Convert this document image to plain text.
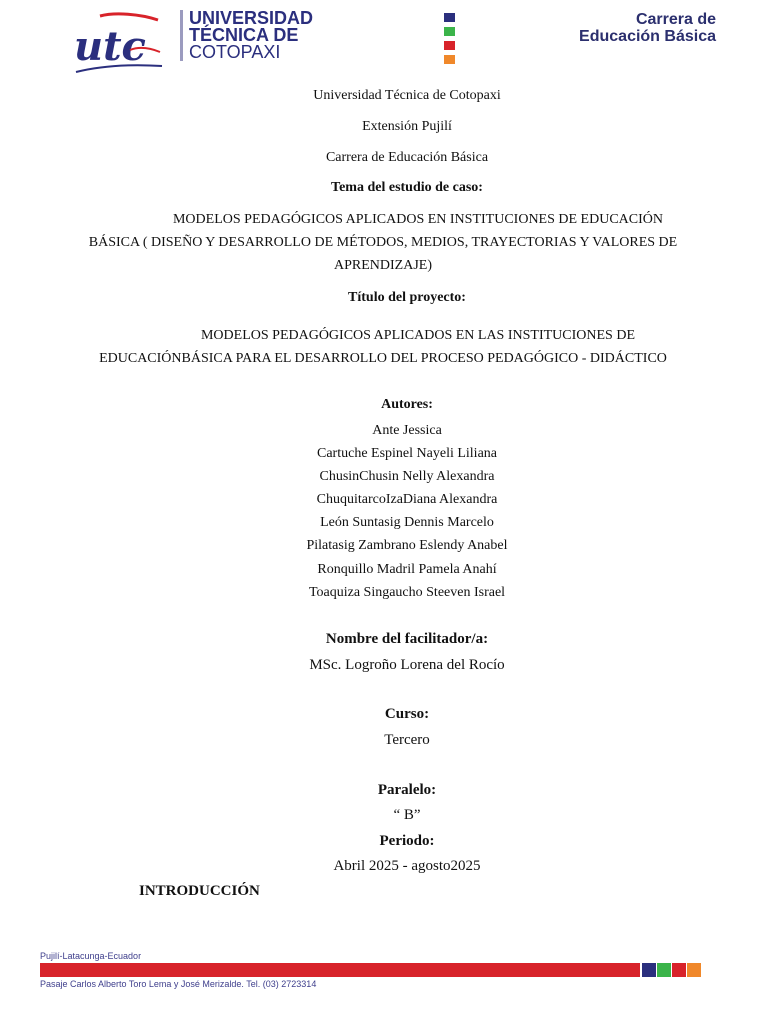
utc
UNIVERSIDAD
TÉCNICA DE
COTOPAXI
Carrera de
Educación Básica
Universidad Técnica de Cotopaxi
Extensión Pujilí
Carrera de Educación Básica
Tema del estudio de caso:
MODELOS PEDAGÓGICOS APLICADOS EN INSTITUCIONES DE EDUCACIÓN BÁSICA ( DISEÑO Y DESARROLLO DE MÉTODOS, MEDIOS, TRAYECTORIAS Y VALORES DE APRENDIZAJE)
Título del proyecto:
MODELOS PEDAGÓGICOS APLICADOS EN LAS INSTITUCIONES DE EDUCACIÓNBÁSICA PARA EL DESARROLLO DEL PROCESO PEDAGÓGICO - DIDÁCTICO
Autores:
Ante Jessica
Cartuche Espinel Nayeli Liliana
ChusinChusin Nelly Alexandra
ChuquitarcoIzaDiana Alexandra
León Suntasig Dennis Marcelo
Pilatasig Zambrano Eslendy Anabel
Ronquillo Madril Pamela Anahí
Toaquiza Singaucho Steeven Israel
Nombre del facilitador/a:
MSc. Logroño Lorena del Rocío
Curso:
Tercero
Paralelo:
“ B”
Periodo:
Abril 2025 - agosto2025
INTRODUCCIÓN
Pujilí-Latacunga-Ecuador
Pasaje Carlos Alberto Toro Lema y José Merizalde. Tel. (03) 2723314
